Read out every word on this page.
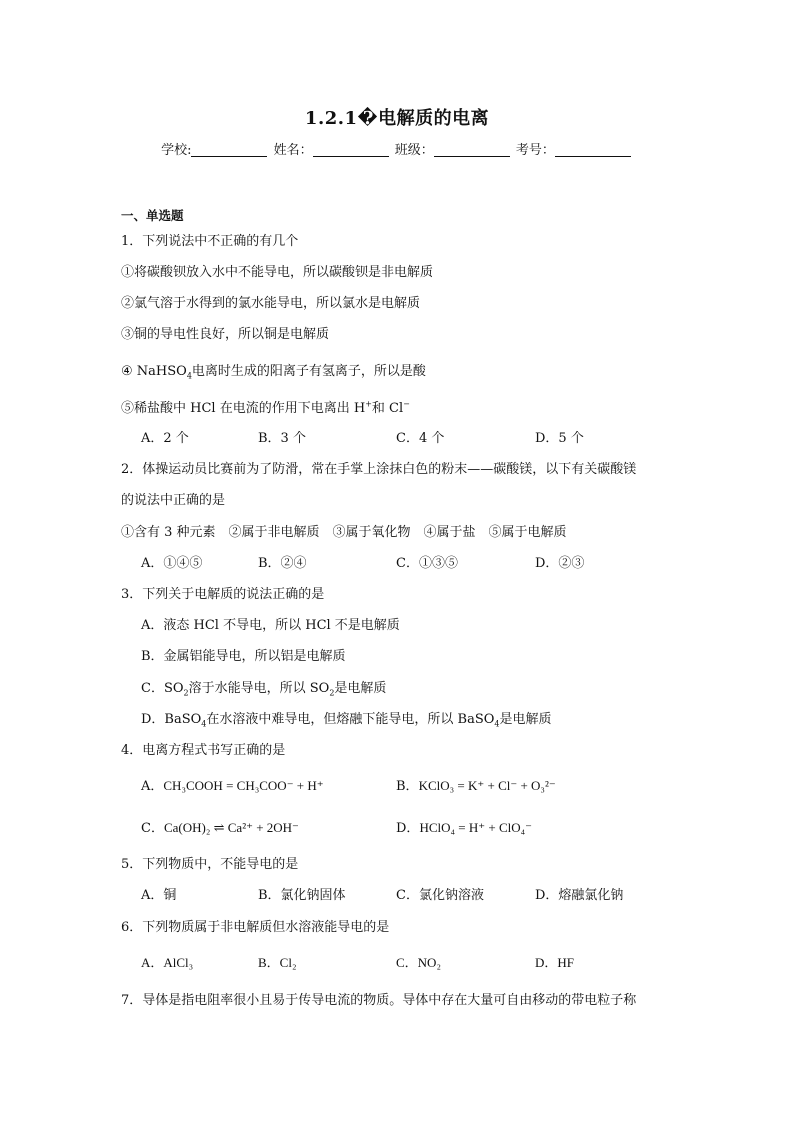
1.2.1�电解质的电离
学校:	姓名：	班级：	考号：
一、单选题
1．下列说法中不正确的有几个
①将碳酸钡放入水中不能导电，所以碳酸钡是非电解质
②氯气溶于水得到的氯水能导电，所以氯水是电解质
③铜的导电性良好，所以铜是电解质
④ NaHSO$_4$电离时生成的阳离子有氢离子，所以是酸
⑤稀盐酸中 HCl 在电流的作用下电离出 H+和 Cl−
A．2 个	B．3 个	C．4 个	D．5 个
2．体操运动员比赛前为了防滑，常在手掌上涂抹白色的粉末——碳酸镁，以下有关碳酸镁
的说法中正确的是
①含有 3 种元素　②属于非电解质　③属于氧化物　④属于盐　⑤属于电解质
A．①④⑤	B．②④	C．①③⑤	D．②③
3．下列关于电解质的说法正确的是
A．液态 HCl 不导电，所以 HCl 不是电解质
B．金属铝能导电，所以铝是电解质
C．$SO_2$溶于水能导电，所以 $SO_2$是电解质
D．BaSO$_4$在水溶液中难导电，但熔融下能导电，所以 BaSO$_4$是电解质
4．电离方程式书写正确的是
A．CH₃COOH = CH₃COO⁻ + H⁺	B．KClO₃ = K⁺ + Cl⁻ + O₃²⁻
C．Ca(OH)₂ ⇌ Ca²⁺ + 2OH⁻	D．HClO₄ = H⁺ + ClO₄⁻
5．下列物质中，不能导电的是
A．铜	B．氯化钠固体	C．氯化钠溶液	D．熔融氯化钠
6．下列物质属于非电解质但水溶液能导电的是
A．AlCl₃	B．Cl₂	C．NO₂	D．HF
7．导体是指电阻率很小且易于传导电流的物质。导体中存在大量可自由移动的带电粒子称
